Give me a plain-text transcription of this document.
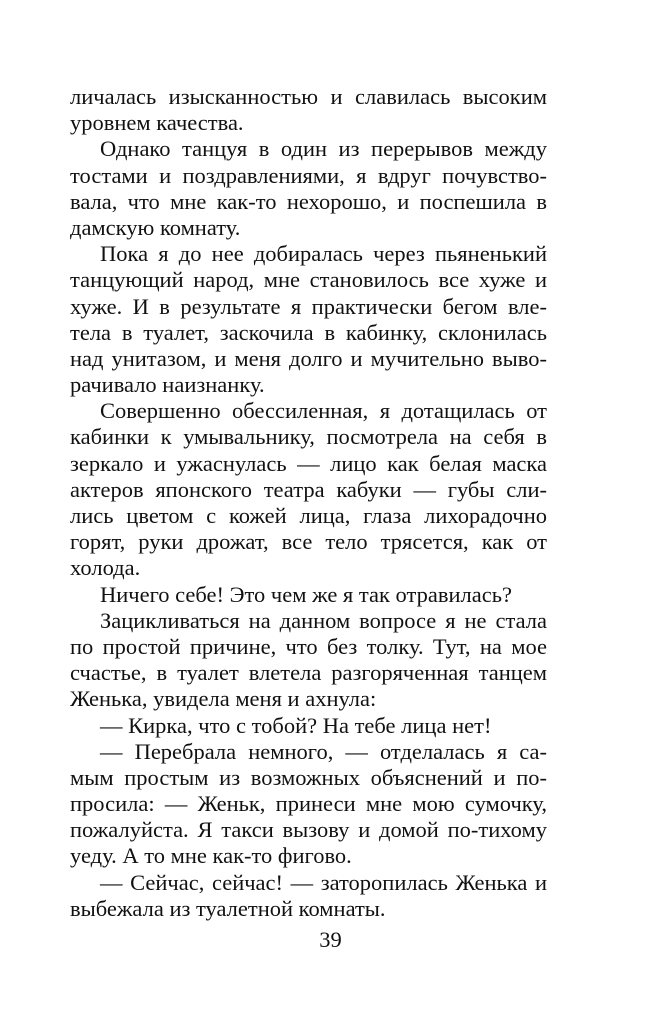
личалась изысканностью и славилась высоким
уровнем качества.
Однако танцуя в один из перерывов между
тостами и поздравлениями, я вдруг почувство-
вала, что мне как-то нехорошо, и поспешила в
дамскую комнату.
Пока я до нее добиралась через пьяненький
танцующий народ, мне становилось все хуже и
хуже. И в результате я практически бегом вле-
тела в туалет, заскочила в кабинку, склонилась
над унитазом, и меня долго и мучительно выво-
рачивало наизнанку.
Совершенно обессиленная, я дотащилась от
кабинки к умывальнику, посмотрела на себя в
зеркало и ужаснулась — лицо как белая маска
актеров японского театра кабуки — губы сли-
лись цветом с кожей лица, глаза лихорадочно
горят, руки дрожат, все тело трясется, как от
холода.
Ничего себе! Это чем же я так отравилась?
Зацикливаться на данном вопросе я не стала
по простой причине, что без толку. Тут, на мое
счастье, в туалет влетела разгоряченная танцем
Женька, увидела меня и ахнула:
— Кирка, что с тобой? На тебе лица нет!
— Перебрала немного, — отделалась я са-
мым простым из возможных объяснений и по-
просила: — Женьк, принеси мне мою сумочку,
пожалуйста. Я такси вызову и домой по-тихому
уеду. А то мне как-то фигово.
— Сейчас, сейчас! — заторопилась Женька и
выбежала из туалетной комнаты.
39
